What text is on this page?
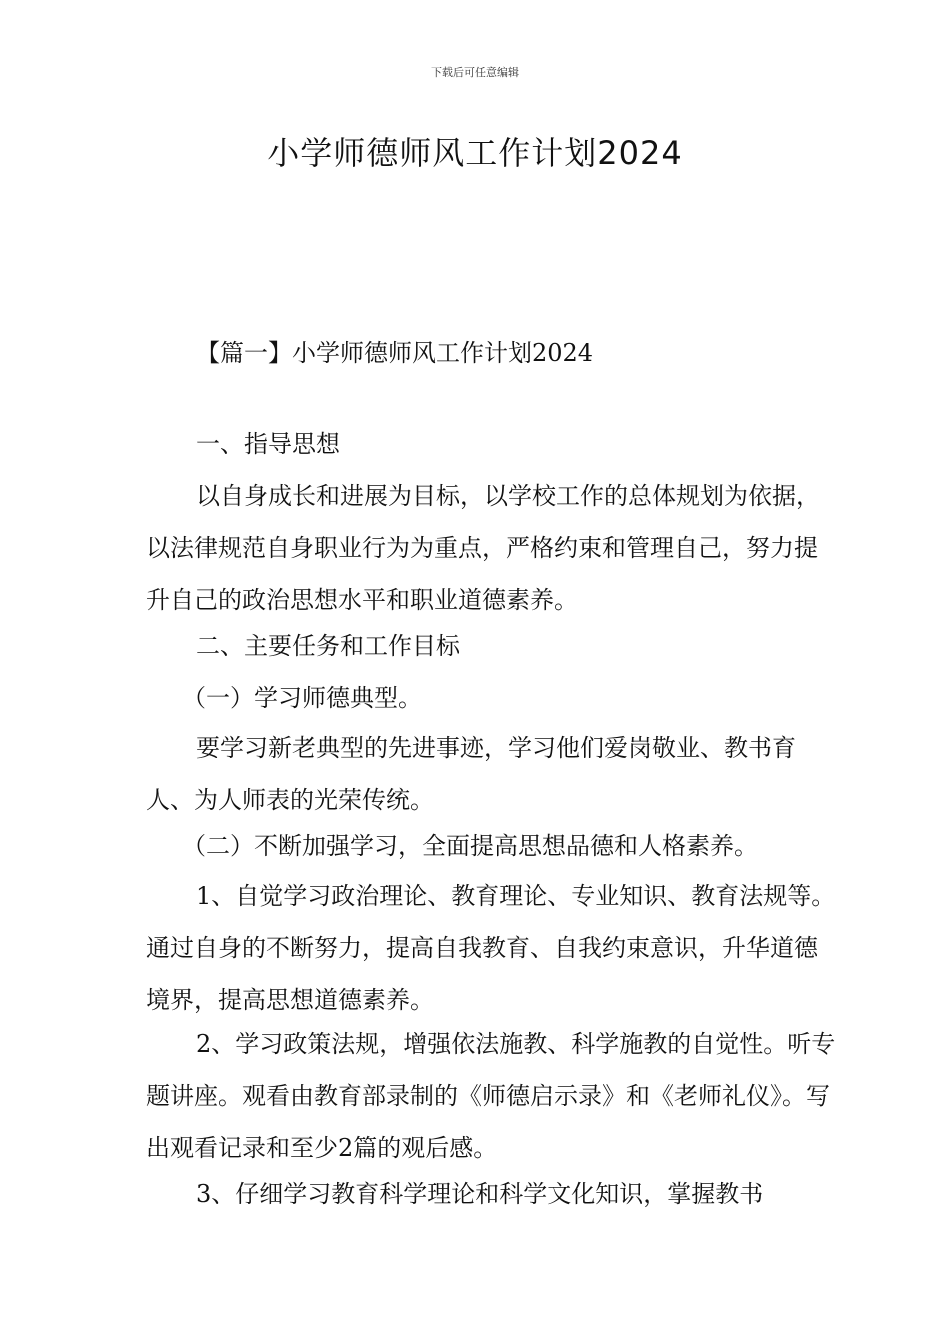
下载后可任意编辑
小学师德师风工作计划2024
【篇一】小学师德师风工作计划2024

一、指导思想

以自身成长和进展为目标，以学校工作的总体规划为依据，以法律规范自身职业行为为重点，严格约束和管理自己，努力提升自己的政治思想水平和职业道德素养。

二、主要任务和工作目标

（一）学习师德典型。

要学习新老典型的先进事迹，学习他们爱岗敬业、教书育人、为人师表的光荣传统。

（二）不断加强学习，全面提高思想品德和人格素养。

1、自觉学习政治理论、教育理论、专业知识、教育法规等。通过自身的不断努力，提高自我教育、自我约束意识，升华道德境界，提高思想道德素养。

2、学习政策法规，增强依法施教、科学施教的自觉性。听专题讲座。观看由教育部录制的《师德启示录》和《老师礼仪》。写出观看记录和至少2篇的观后感。

3、仔细学习教育科学理论和科学文化知识，掌握教书
